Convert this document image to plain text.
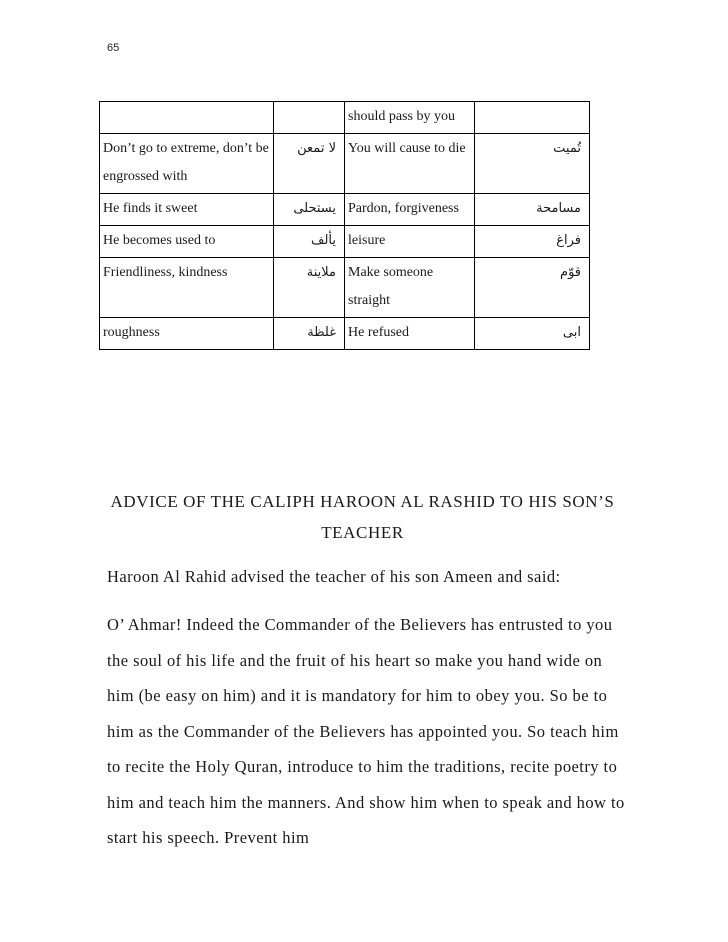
65
		should pass by you	
Don’t go to extreme, don’t be engrossed with	لا تمعن	You will cause to die	تُميت
He finds it sweet	يستحلى	Pardon, forgiveness	مسامحة
He becomes used to	يألف	leisure	فراغ
Friendliness, kindness	ملاينة	Make someone straight	قوّم
roughness	غلظة	He refused	ابى
ADVICE OF THE CALIPH HAROON AL RASHID TO HIS SON’S TEACHER

Haroon Al Rahid advised the teacher of his son Ameen and said:

O’ Ahmar! Indeed the Commander of the Believers has entrusted to you the soul of his life and the fruit of his heart so make you hand wide on him (be easy on him) and it is mandatory for him to obey you. So be to him as the Commander of the Believers has appointed you. So teach him to recite the Holy Quran, introduce to him the traditions, recite poetry to him and teach him the manners. And show him when to speak and how to start his speech. Prevent him
